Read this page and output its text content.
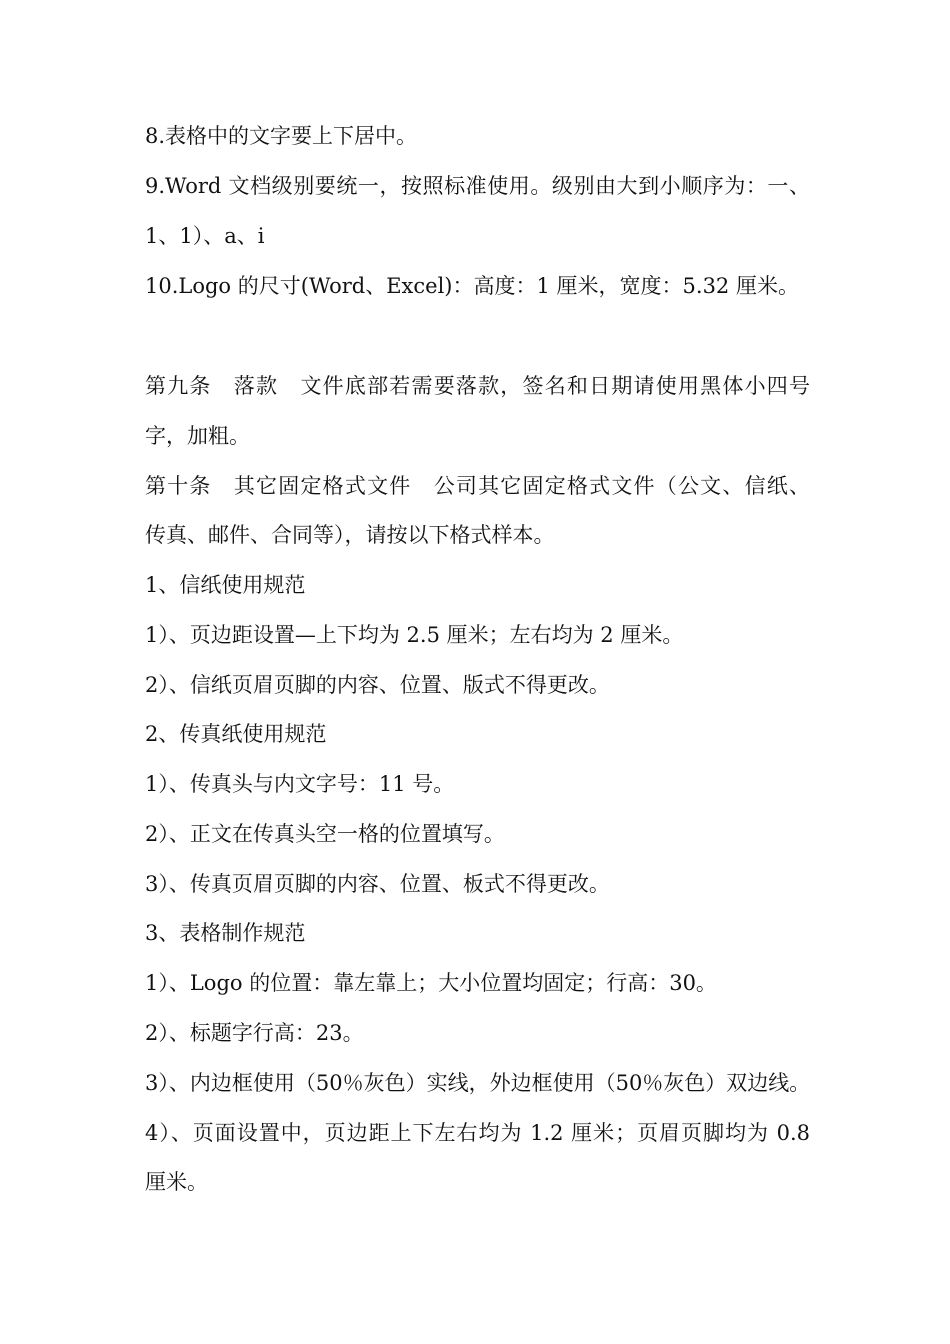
8.表格中的文字要上下居中。
9.Word 文档级别要统一，按照标准使用。级别由大到小顺序为：一、
1、1）、a、i
10.Logo 的尺寸(Word、Excel)：高度：1 厘米，宽度：5.32 厘米。
第九条　落款　文件底部若需要落款，签名和日期请使用黑体小四号
字，加粗。
第十条　其它固定格式文件　公司其它固定格式文件（公文、信纸、
传真、邮件、合同等），请按以下格式样本。
1、信纸使用规范
1）、页边距设置—上下均为 2.5 厘米；左右均为 2 厘米。
2）、信纸页眉页脚的内容、位置、版式不得更改。
2、传真纸使用规范
1）、传真头与内文字号：11 号。
2）、正文在传真头空一格的位置填写。
3）、传真页眉页脚的内容、位置、板式不得更改。
3、表格制作规范
1）、Logo 的位置：靠左靠上；大小位置均固定；行高：30。
2）、标题字行高：23。
3）、内边框使用（50％灰色）实线，外边框使用（50％灰色）双边线。
4）、页面设置中，页边距上下左右均为 1.2 厘米；页眉页脚均为 0.8
厘米。
